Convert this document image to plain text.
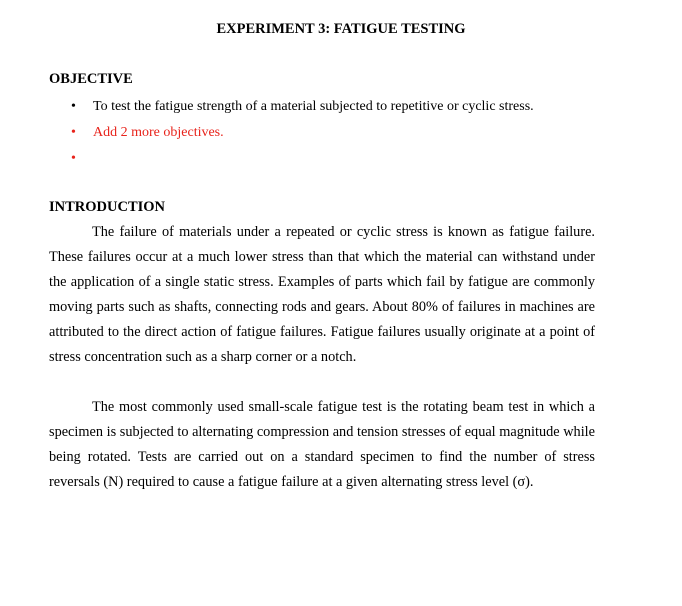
EXPERIMENT 3: FATIGUE TESTING
OBJECTIVE
• To test the fatigue strength of a material subjected to repetitive or cyclic stress.
• Add 2 more objectives.
•
INTRODUCTION

The failure of materials under a repeated or cyclic stress is known as fatigue failure. These failures occur at a much lower stress than that which the material can withstand under the application of a single static stress. Examples of parts which fail by fatigue are commonly moving parts such as shafts, connecting rods and gears. About 80% of failures in machines are attributed to the direct action of fatigue failures. Fatigue failures usually originate at a point of stress concentration such as a sharp corner or a notch.

The most commonly used small-scale fatigue test is the rotating beam test in which a specimen is subjected to alternating compression and tension stresses of equal magnitude while being rotated. Tests are carried out on a standard specimen to find the number of stress reversals (N) required to cause a fatigue failure at a given alternating stress level (σ).
